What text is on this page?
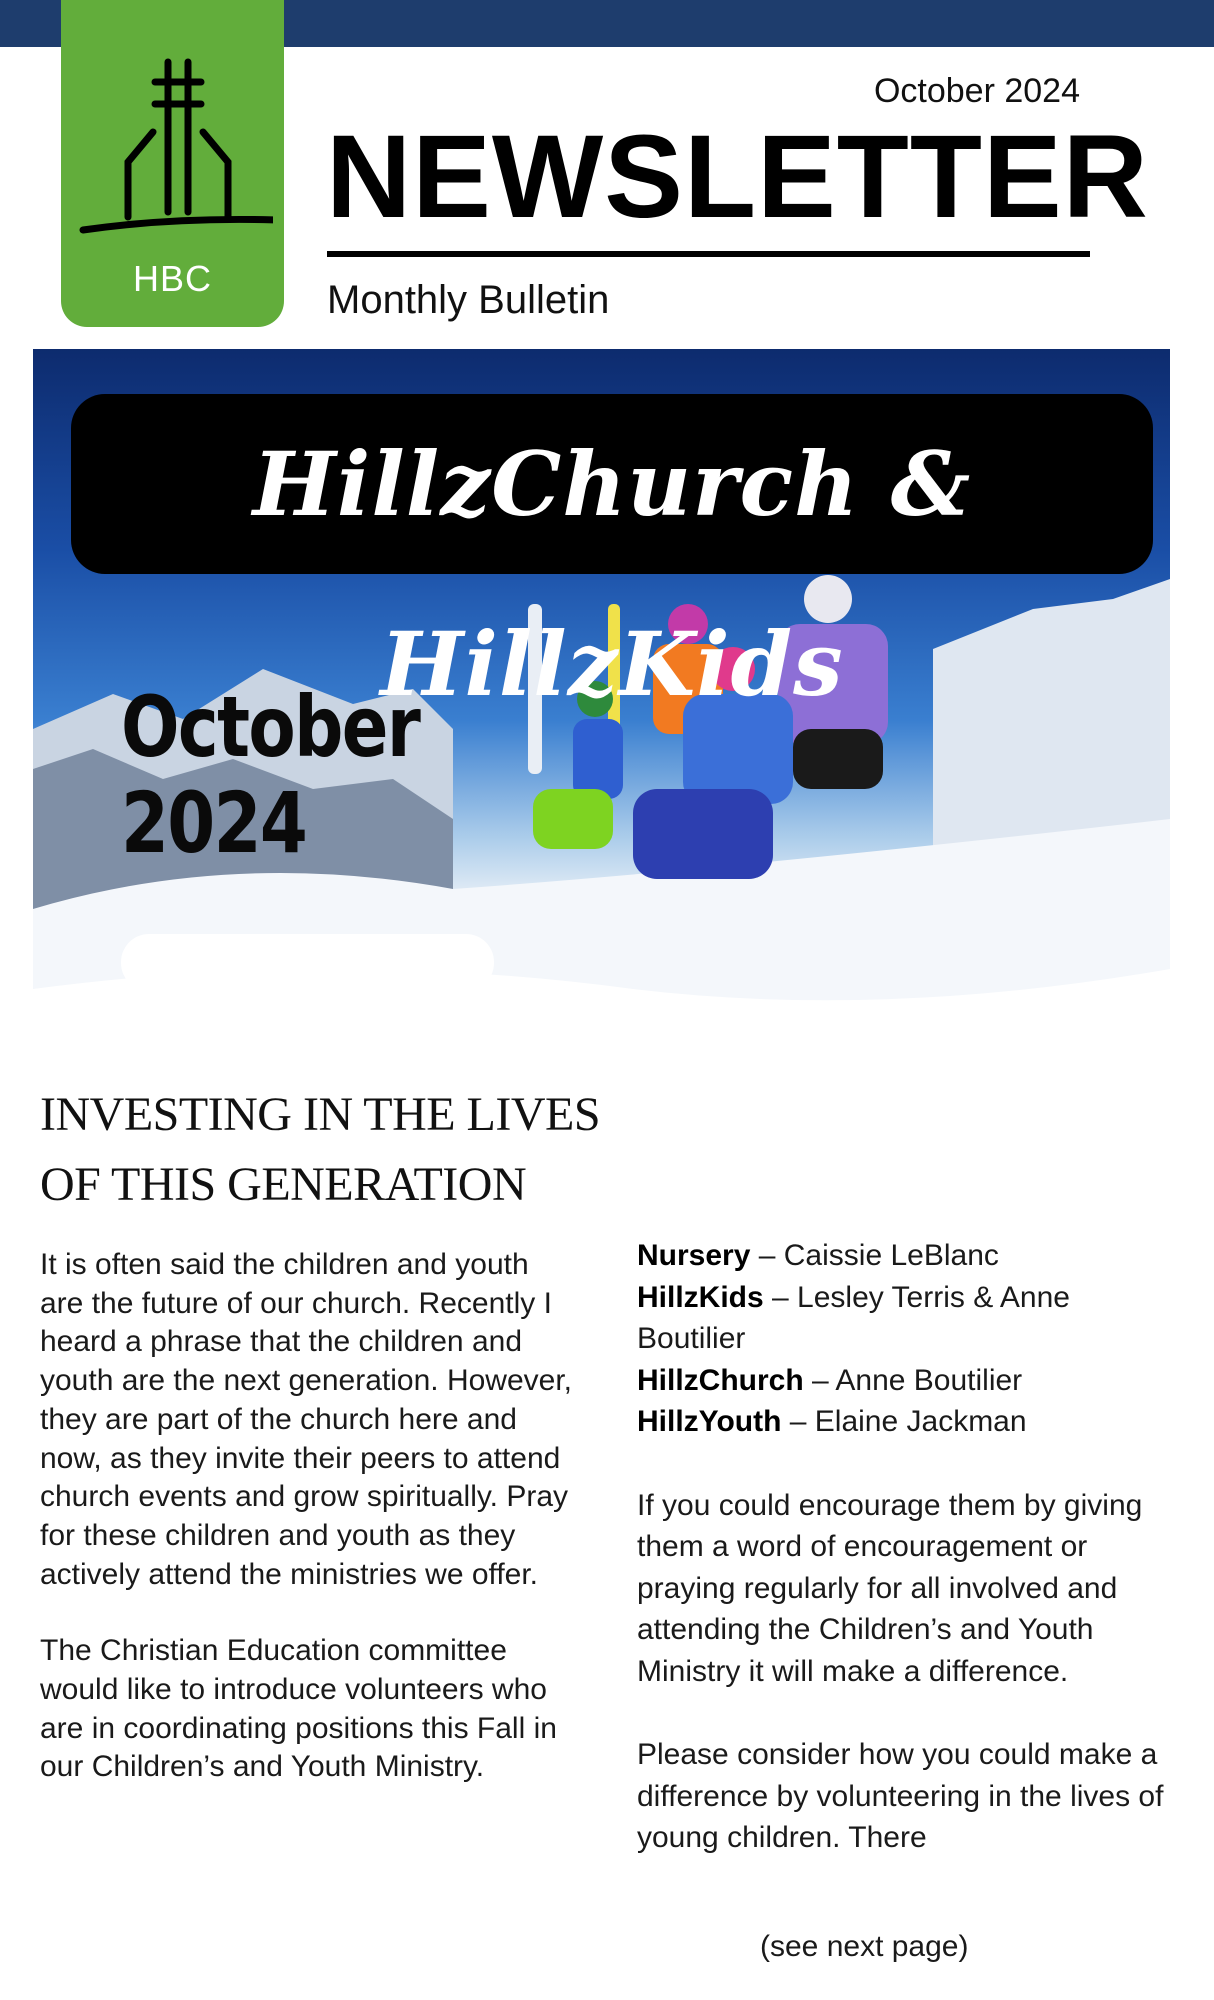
HBC
October 2024
NEWSLETTER
Monthly Bulletin
HillzChurch & HillzKids
October
2024
INVESTING IN THE LIVES
OF THIS GENERATION

It is often said the children and youth are the future of our church. Recently I heard a phrase that the children and youth are the next generation. However, they are part of the church here and now, as they invite their peers to attend church events and grow spiritually. Pray for these children and youth as they actively attend the ministries we offer.

The Christian Education committee would like to introduce volunteers who are in coordinating positions this Fall in our Children’s and Youth Ministry.

Nursery – Caissie LeBlanc

HillzKids – Lesley Terris & Anne Boutilier

HillzChurch – Anne Boutilier

HillzYouth – Elaine Jackman

If you could encourage them by giving them a word of encouragement or praying regularly for all involved and attending the Children’s and Youth Ministry it will make a difference.

Please consider how you could make a difference by volunteering in the lives of young children. There

(see next page)
